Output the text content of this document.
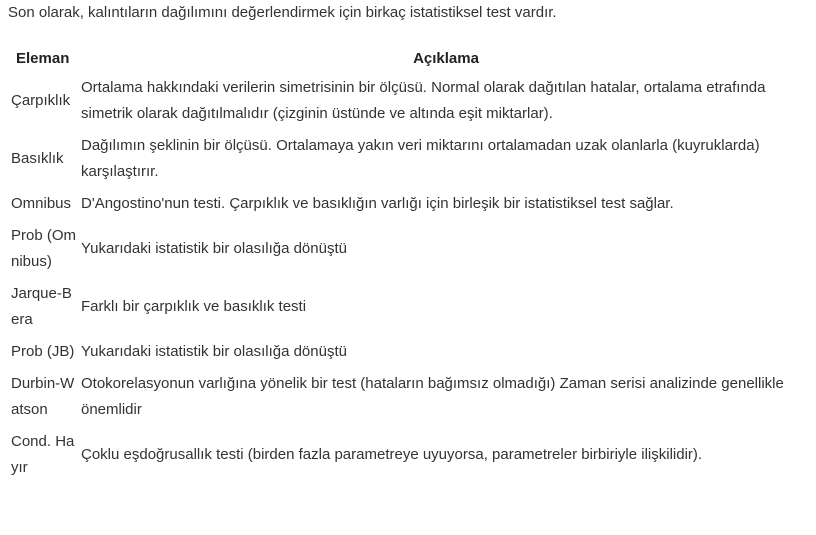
Son olarak, kalıntıların dağılımını değerlendirmek için birkaç istatistiksel test vardır.
Eleman	Açıklama
Çarpıklık	Ortalama hakkındaki verilerin simetrisinin bir ölçüsü. Normal olarak dağıtılan hatalar, ortalama etrafında simetrik olarak dağıtılmalıdır (çizginin üstünde ve altında eşit miktarlar).
Basıklık	Dağılımın şeklinin bir ölçüsü. Ortalamaya yakın veri miktarını ortalamadan uzak olanlarla (kuyruklarda) karşılaştırır.
Omnibus	D'Angostino'nun testi. Çarpıklık ve basıklığın varlığı için birleşik bir istatistiksel test sağlar.
Prob (Omnibus)	Yukarıdaki istatistik bir olasılığa dönüştü
Jarque-Bera	Farklı bir çarpıklık ve basıklık testi
Prob (JB)	Yukarıdaki istatistik bir olasılığa dönüştü
Durbin-Watson	Otokorelasyonun varlığına yönelik bir test (hataların bağımsız olmadığı) Zaman serisi analizinde genellikle önemlidir
Cond. Hayır	Çoklu eşdoğrusallık testi (birden fazla parametreye uyuyorsa, parametreler birbiriyle ilişkilidir).
